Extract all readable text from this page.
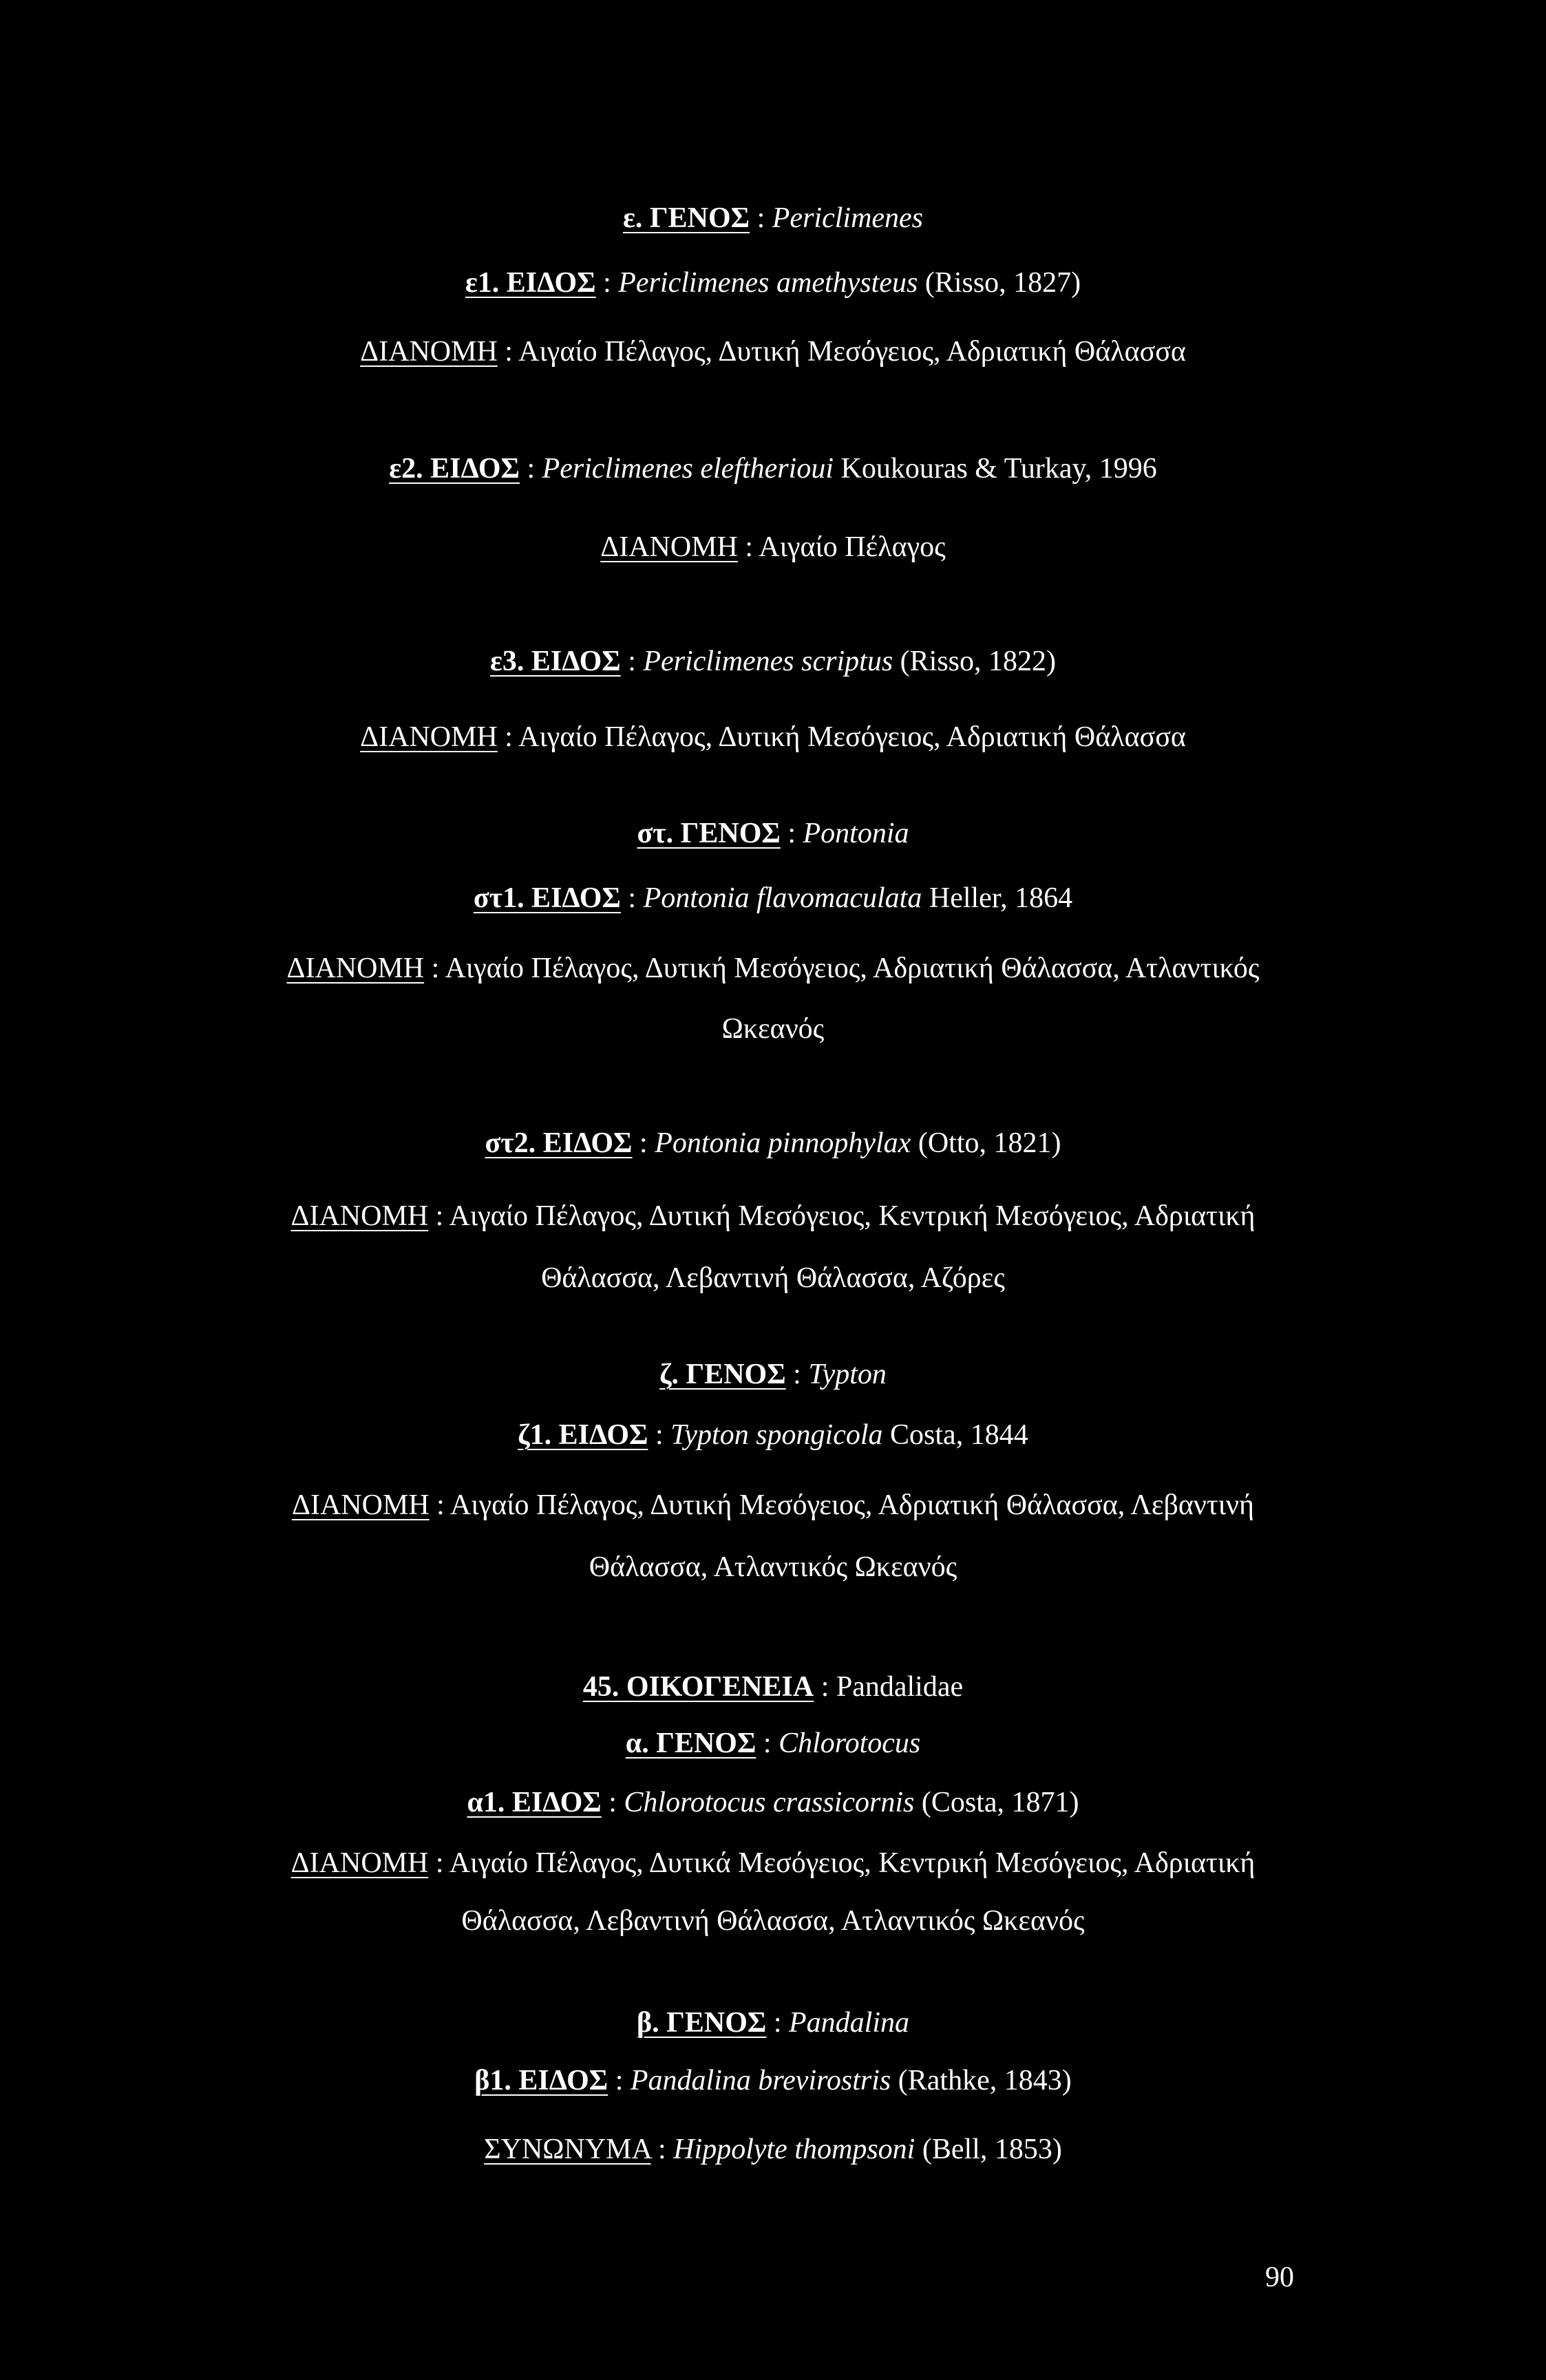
ε. ΓΕΝΟΣ : Periclimenes
ε1. ΕΙΔΟΣ : Periclimenes amethysteus (Risso, 1827)
ΔΙΑΝΟΜΗ : Αιγαίο Πέλαγος, Δυτική Μεσόγειος, Αδριατική Θάλασσα
ε2. ΕΙΔΟΣ : Periclimenes eleftherioui Koukouras & Turkay, 1996
ΔΙΑΝΟΜΗ : Αιγαίο Πέλαγος
ε3. ΕΙΔΟΣ : Periclimenes scriptus (Risso, 1822)
ΔΙΑΝΟΜΗ : Αιγαίο Πέλαγος, Δυτική Μεσόγειος, Αδριατική Θάλασσα
στ. ΓΕΝΟΣ : Pontonia
στ1. ΕΙΔΟΣ : Pontonia flavomaculata Heller, 1864
ΔΙΑΝΟΜΗ : Αιγαίο Πέλαγος, Δυτική Μεσόγειος, Αδριατική Θάλασσα, Ατλαντικός
Ωκεανός
στ2. ΕΙΔΟΣ : Pontonia pinnophylax (Otto, 1821)
ΔΙΑΝΟΜΗ : Αιγαίο Πέλαγος, Δυτική Μεσόγειος, Κεντρική Μεσόγειος, Αδριατική
Θάλασσα, Λεβαντινή Θάλασσα, Αζόρες
ζ. ΓΕΝΟΣ : Typton
ζ1. ΕΙΔΟΣ : Typton spongicola Costa, 1844
ΔΙΑΝΟΜΗ : Αιγαίο Πέλαγος, Δυτική Μεσόγειος, Αδριατική Θάλασσα, Λεβαντινή
Θάλασσα, Ατλαντικός Ωκεανός
45. ΟΙΚΟΓΕΝΕΙΑ : Pandalidae
α. ΓΕΝΟΣ : Chlorotocus
α1. ΕΙΔΟΣ : Chlorotocus crassicornis (Costa, 1871)
ΔΙΑΝΟΜΗ : Αιγαίο Πέλαγος, Δυτικά Μεσόγειος, Κεντρική Μεσόγειος, Αδριατική
Θάλασσα, Λεβαντινή Θάλασσα, Ατλαντικός Ωκεανός
β. ΓΕΝΟΣ : Pandalina
β1. ΕΙΔΟΣ : Pandalina brevirostris (Rathke, 1843)
ΣΥΝΩΝΥΜΑ : Hippolyte thompsoni (Bell, 1853)
90
